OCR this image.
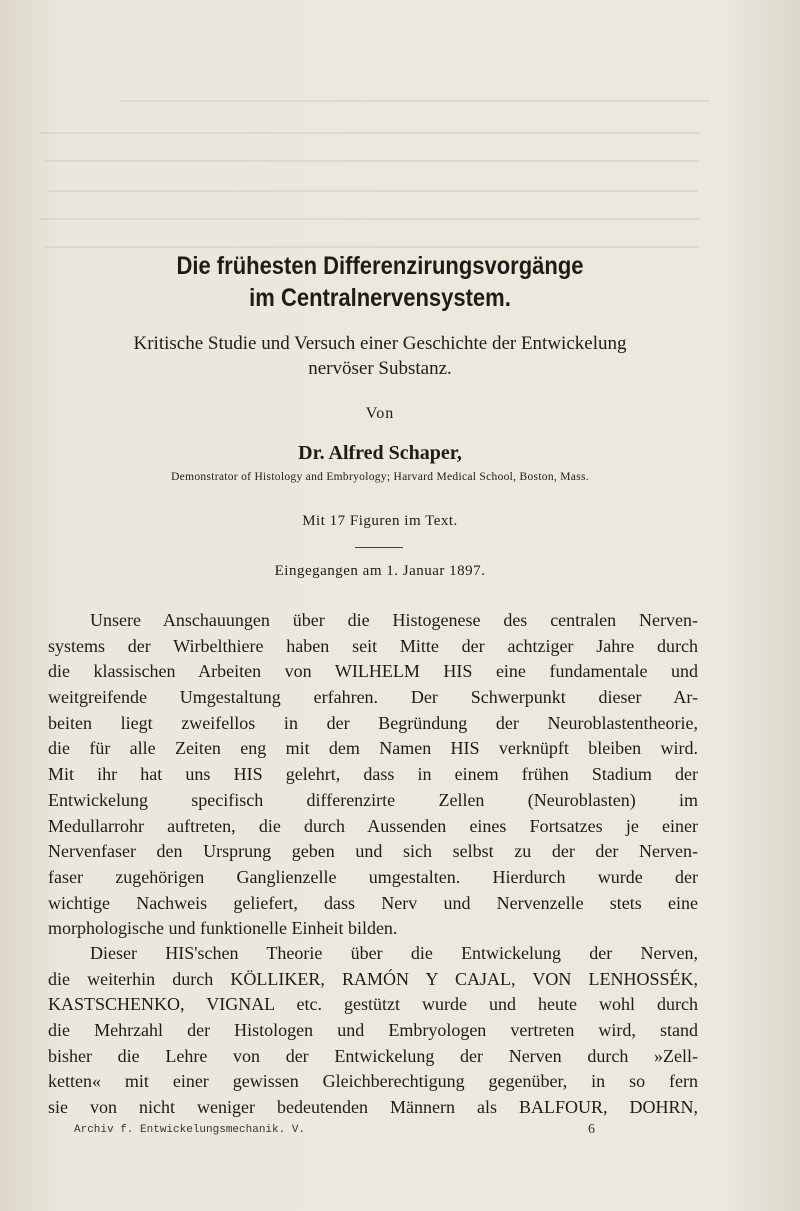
Die frühesten Differenzirungsvorgänge
im Centralnervensystem.
Kritische Studie und Versuch einer Geschichte der Entwickelung
nervöser Substanz.
Von
Dr. Alfred Schaper,
Demonstrator of Histology and Embryology; Harvard Medical School, Boston, Mass.
Mit 17 Figuren im Text.
Eingegangen am 1. Januar 1897.
Unsere Anschauungen über die Histogenese des centralen Nerven-
systems der Wirbelthiere haben seit Mitte der achtziger Jahre durch
die klassischen Arbeiten von WILHELM HIS eine fundamentale und
weitgreifende Umgestaltung erfahren. Der Schwerpunkt dieser Ar-
beiten liegt zweifellos in der Begründung der Neuroblastentheorie,
die für alle Zeiten eng mit dem Namen HIS verknüpft bleiben wird.
Mit ihr hat uns HIS gelehrt, dass in einem frühen Stadium der
Entwickelung specifisch differenzirte Zellen (Neuroblasten) im
Medullarrohr auftreten, die durch Aussenden eines Fortsatzes je einer
Nervenfaser den Ursprung geben und sich selbst zu der der Nerven-
faser zugehörigen Ganglienzelle umgestalten. Hierdurch wurde der
wichtige Nachweis geliefert, dass Nerv und Nervenzelle stets eine
morphologische und funktionelle Einheit bilden.
Dieser HIS'schen Theorie über die Entwickelung der Nerven,
die weiterhin durch KÖLLIKER, RAMÓN Y CAJAL, VON LENHOSSÉK,
KASTSCHENKO, VIGNAL etc. gestützt wurde und heute wohl durch
die Mehrzahl der Histologen und Embryologen vertreten wird, stand
bisher die Lehre von der Entwickelung der Nerven durch »Zell-
ketten« mit einer gewissen Gleichberechtigung gegenüber, in so fern
sie von nicht weniger bedeutenden Männern als BALFOUR, DOHRN,
Archiv f. Entwickelungsmechanik. V.	6
